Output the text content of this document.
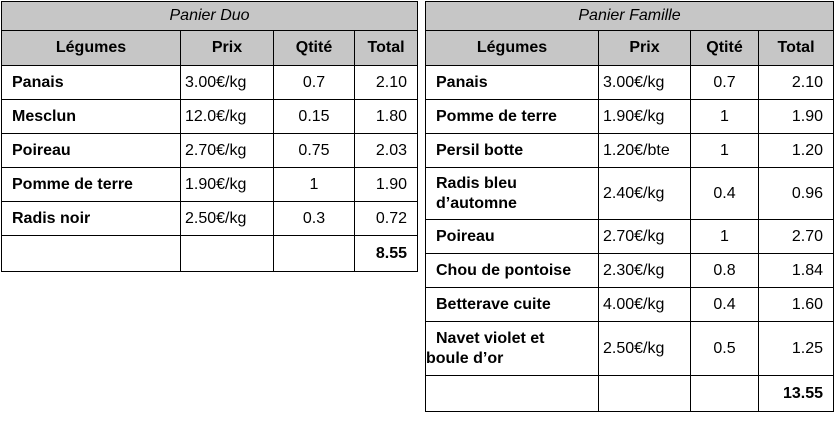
Panier Duo			
Légumes	Prix	Qtité	Total
Panais	3.00€/kg	0.7	2.10
Mesclun	12.0€/kg	0.15	1.80
Poireau	2.70€/kg	0.75	2.03
Pomme de terre	1.90€/kg	1	1.90
Radis noir	2.50€/kg	0.3	0.72
			8.55
Panier Famille			
Légumes	Prix	Qtité	Total
Panais	3.00€/kg	0.7	2.10
Pomme de terre	1.90€/kg	1	1.90
Persil botte	1.20€/bte	1	1.20

Radis bleu
d’automne	2.40€/kg	0.4	0.96
Poireau	2.70€/kg	1	2.70
Chou de pontoise	2.30€/kg	0.8	1.84
Betterave cuite	4.00€/kg	0.4	1.60

Navet violet et
boule d’or	2.50€/kg	0.5	1.25
			13.55
